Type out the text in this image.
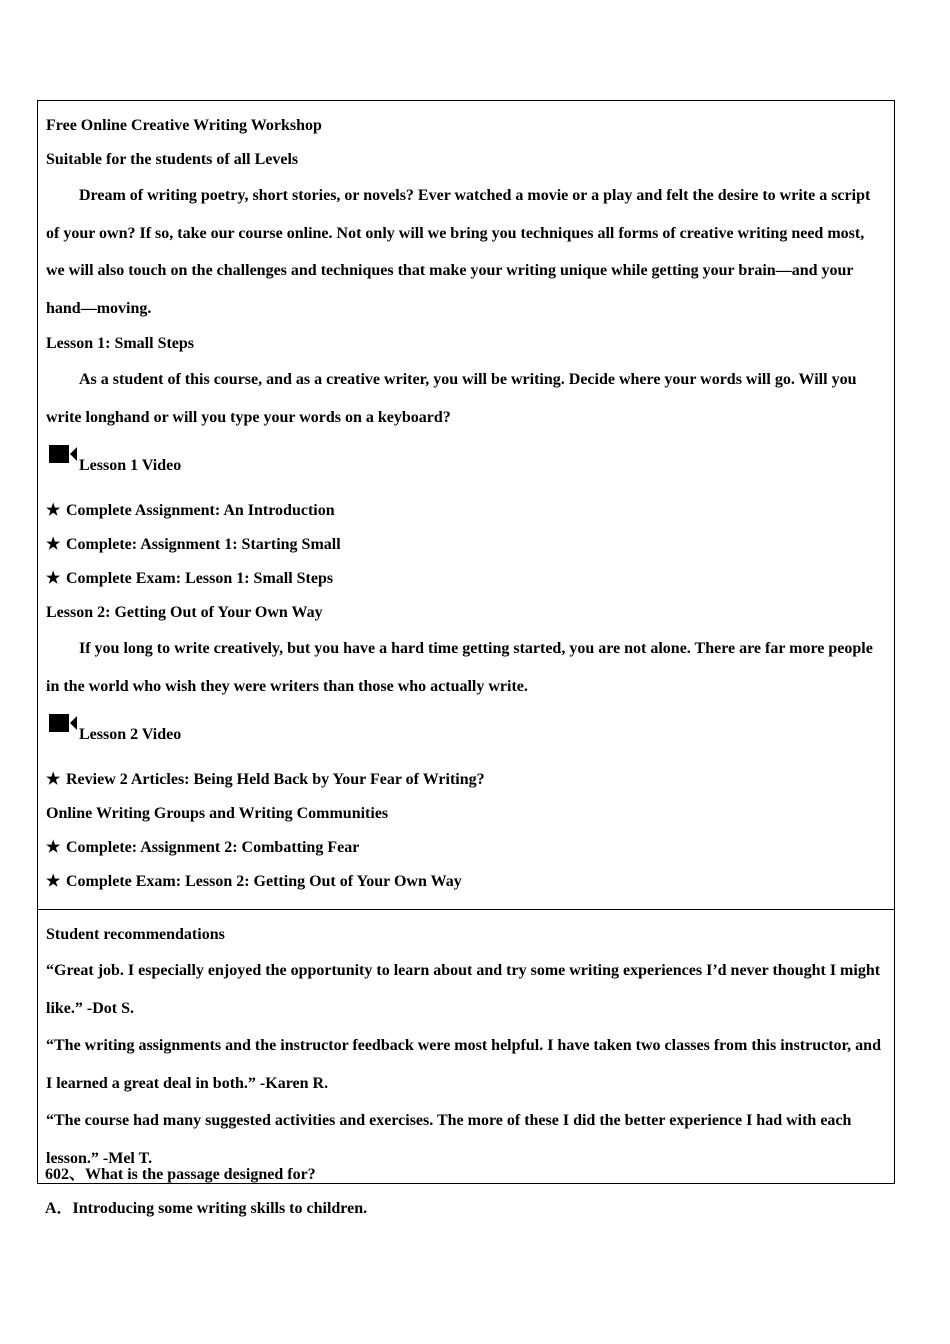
Free Online Creative Writing Workshop
Suitable for the students of all Levels

Dream of writing poetry, short stories, or novels? Ever watched a movie or a play and felt the desire to write a script of your own? If so, take our course online. Not only will we bring you techniques all forms of creative writing need most, we will also touch on the challenges and techniques that make your writing unique while getting your brain—and your hand—moving.

Lesson 1: Small Steps

As a student of this course, and as a creative writer, you will be writing. Decide where your words will go. Will you write longhand or will you type your words on a keyboard?

Lesson 1 Video
★ Complete Assignment: An Introduction
★ Complete: Assignment 1: Starting Small
★ Complete Exam: Lesson 1: Small Steps
Lesson 2: Getting Out of Your Own Way

If you long to write creatively, but you have a hard time getting started, you are not alone. There are far more people in the world who wish they were writers than those who actually write.

Lesson 2 Video
★ Review 2 Articles: Being Held Back by Your Fear of Writing?
Online Writing Groups and Writing Communities
★ Complete: Assignment 2: Combatting Fear
★ Complete Exam: Lesson 2: Getting Out of Your Own Way
Student recommendations

“Great job. I especially enjoyed the opportunity to learn about and try some writing experiences I’d never thought I might like.” -Dot S.

“The writing assignments and the instructor feedback were most helpful. I have taken two classes from this instructor, and I learned a great deal in both.” -Karen R.

“The course had many suggested activities and exercises. The more of these I did the better experience I had with each lesson.” -Mel T.

602、What is the passage designed for?
A．Introducing some writing skills to children.
